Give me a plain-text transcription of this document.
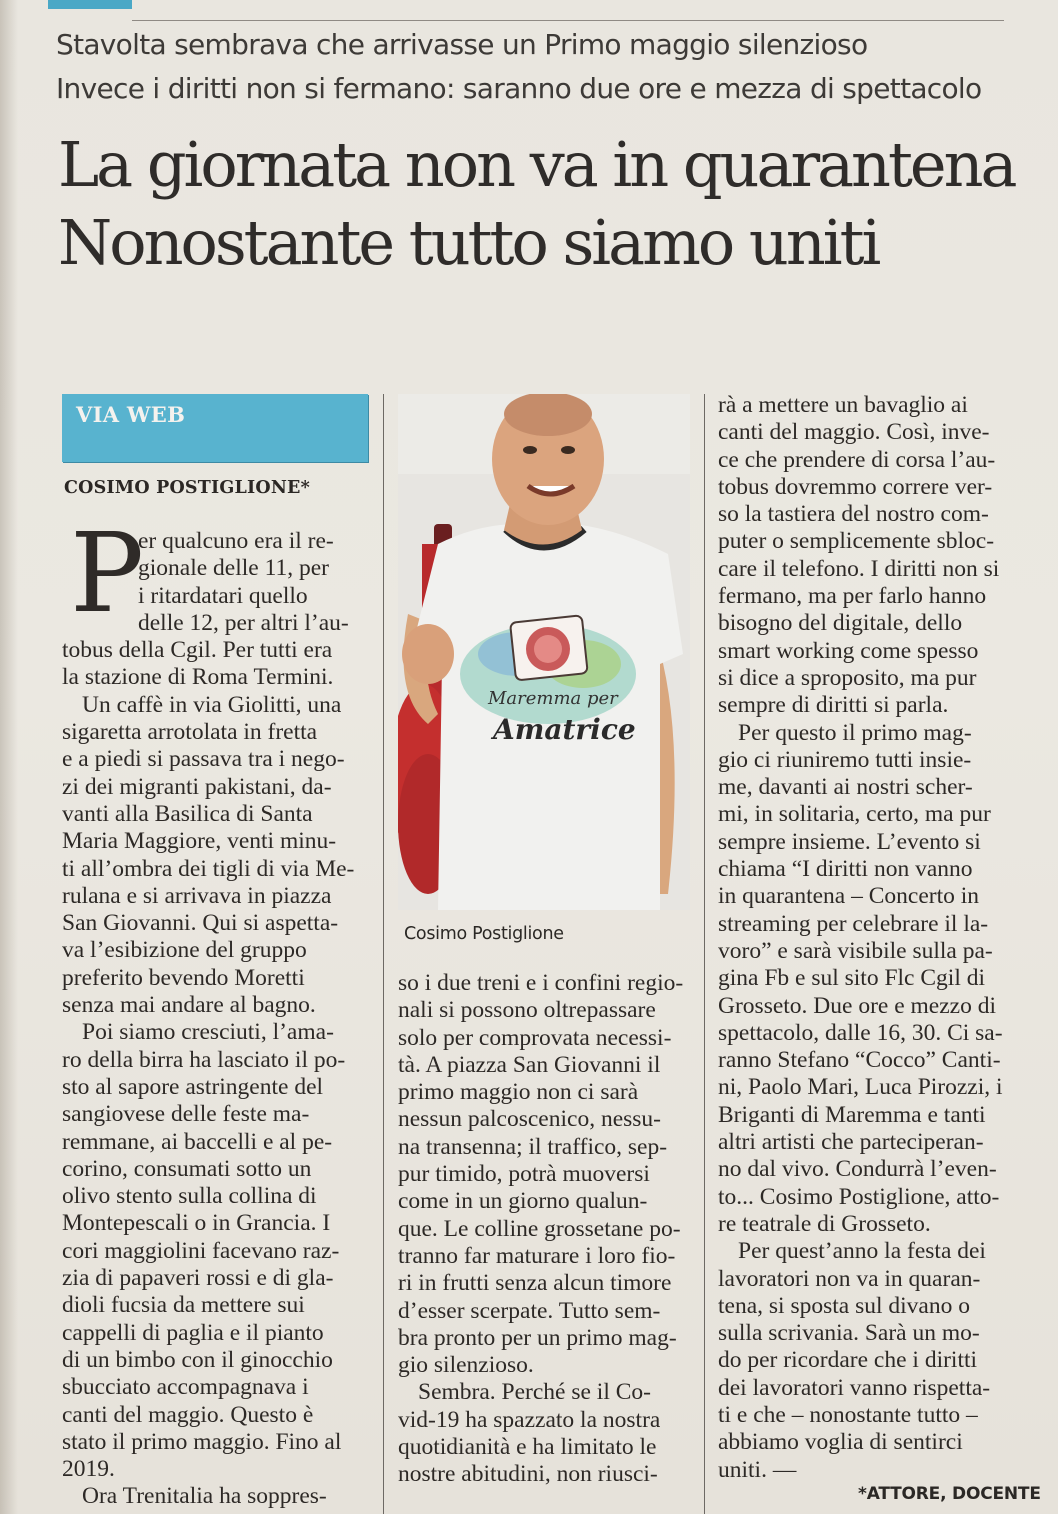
Stavolta sembrava che arrivasse un Primo maggio silenzioso
Invece i diritti non si fermano: saranno due ore e mezza di spettacolo
La giornata non va in quarantena
Nonostante tutto siamo uniti
VIA WEB
COSIMO POSTIGLIONE*
P
er qualcuno era il re-
gionale delle 11, per
i ritardatari quello
delle 12, per altri l’au-
tobus della Cgil. Per tutti era
la stazione di Roma Termini.
Un caffè in via Giolitti, una
sigaretta arrotolata in fretta
e a piedi si passava tra i nego-
zi dei migranti pakistani, da-
vanti alla Basilica di Santa
Maria Maggiore, venti minu-
ti all’ombra dei tigli di via Me-
rulana e si arrivava in piazza
San Giovanni. Qui si aspetta-
va l’esibizione del gruppo
preferito bevendo Moretti
senza mai andare al bagno.
Poi siamo cresciuti, l’ama-
ro della birra ha lasciato il po-
sto al sapore astringente del
sangiovese delle feste ma-
remmane, ai baccelli e al pe-
corino, consumati sotto un
olivo stento sulla collina di
Montepescali o in Grancia. I
cori maggiolini facevano raz-
zia di papaveri rossi e di gla-
dioli fucsia da mettere sui
cappelli di paglia e il pianto
di un bimbo con il ginocchio
sbucciato accompagnava i
canti del maggio. Questo è
stato il primo maggio. Fino al
2019.
Ora Trenitalia ha soppres-
so i due treni e i confini regio-
nali si possono oltrepassare
solo per comprovata necessi-
tà. A piazza San Giovanni il
primo maggio non ci sarà
nessun palcoscenico, nessu-
na transenna; il traffico, sep-
pur timido, potrà muoversi
come in un giorno qualun-
que. Le colline grossetane po-
tranno far maturare i loro fio-
ri in frutti senza alcun timore
d’esser scerpate. Tutto sem-
bra pronto per un primo mag-
gio silenzioso.
Sembra. Perché se il Co-
vid-19 ha spazzato la nostra
quotidianità e ha limitato le
nostre abitudini, non riusci-
rà a mettere un bavaglio ai
canti del maggio. Così, inve-
ce che prendere di corsa l’au-
tobus dovremmo correre ver-
so la tastiera del nostro com-
puter o semplicemente sbloc-
care il telefono. I diritti non si
fermano, ma per farlo hanno
bisogno del digitale, dello
smart working come spesso
si dice a sproposito, ma pur
sempre di diritti si parla.
Per questo il primo mag-
gio ci riuniremo tutti insie-
me, davanti ai nostri scher-
mi, in solitaria, certo, ma pur
sempre insieme. L’evento si
chiama “I diritti non vanno
in quarantena – Concerto in
streaming per celebrare il la-
voro” e sarà visibile sulla pa-
gina Fb e sul sito Flc Cgil di
Grosseto. Due ore e mezzo di
spettacolo, dalle 16, 30. Ci sa-
ranno Stefano “Cocco” Canti-
ni, Paolo Mari, Luca Pirozzi, i
Briganti di Maremma e tanti
altri artisti che parteciperan-
no dal vivo. Condurrà l’even-
to... Cosimo Postiglione, atto-
re teatrale di Grosseto.
Per quest’anno la festa dei
lavoratori non va in quaran-
tena, si sposta sul divano o
sulla scrivania. Sarà un mo-
do per ricordare che i diritti
dei lavoratori vanno rispetta-
ti e che – nonostante tutto –
abbiamo voglia di sentirci
uniti. —
Maremma per
Amatrice
Cosimo Postiglione
*ATTORE, DOCENTE
